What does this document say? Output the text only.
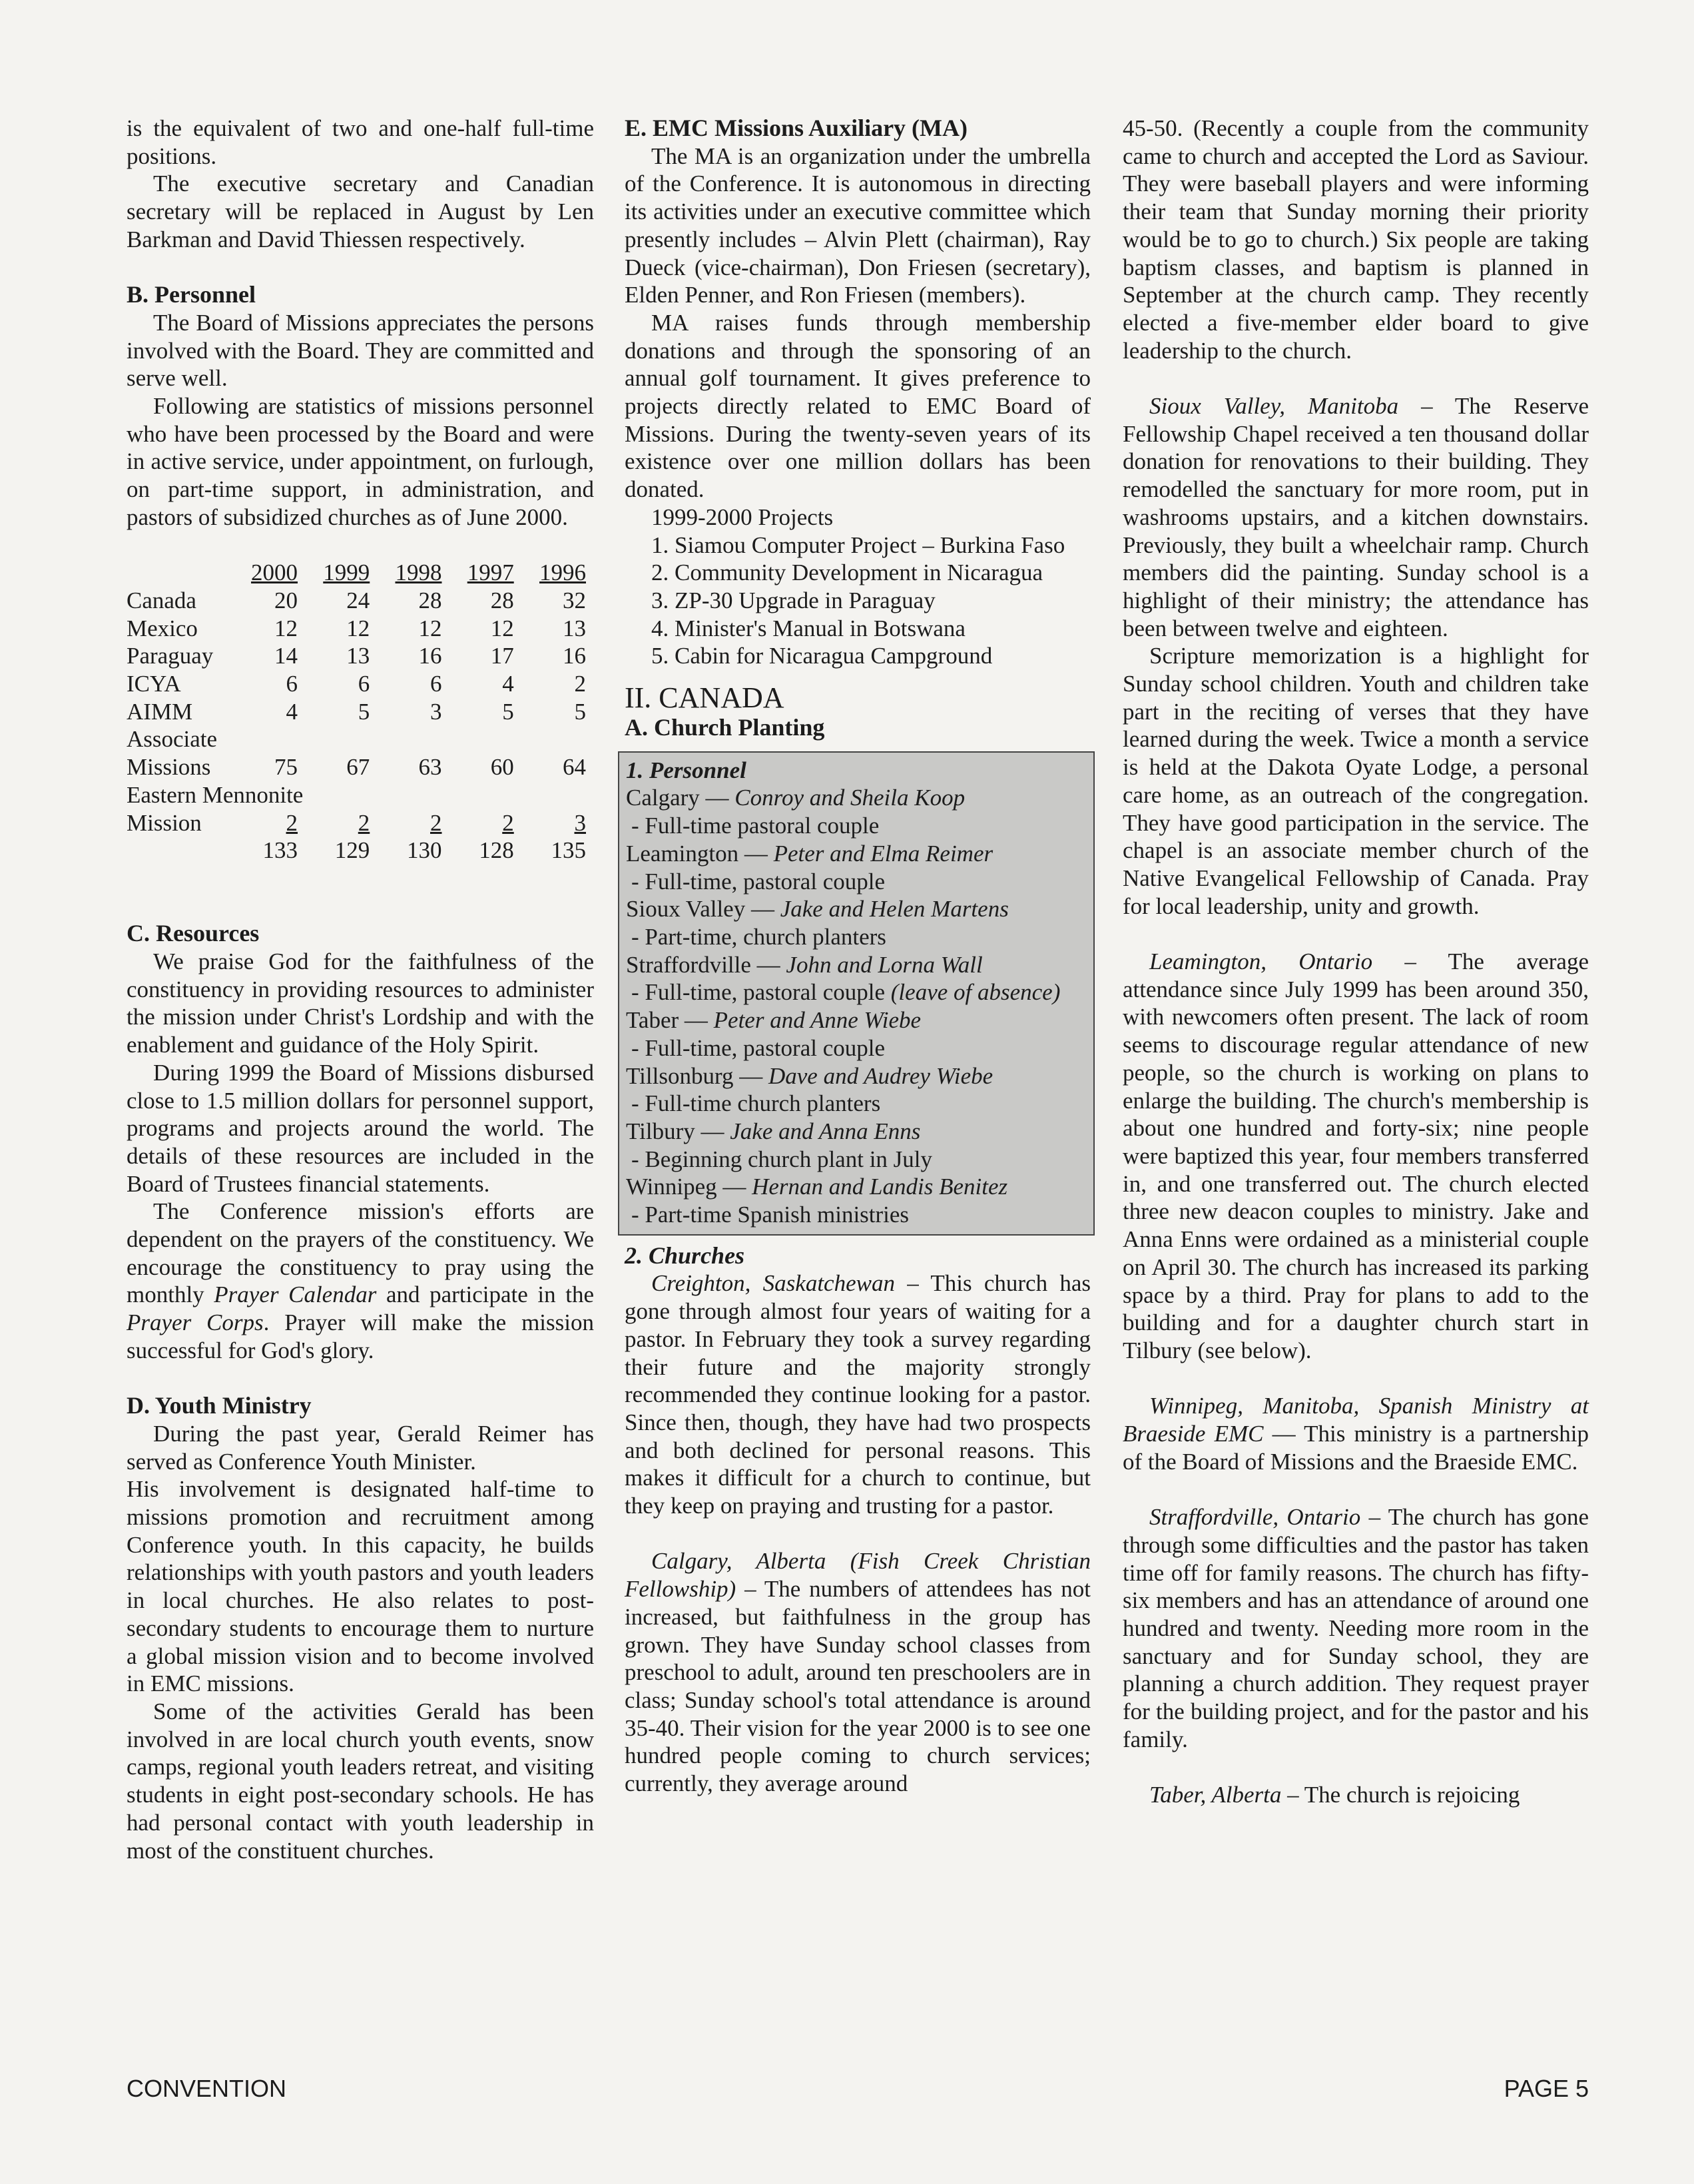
is the equivalent of two and one-half full-time positions.

The executive secretary and Canadian secretary will be replaced in August by Len Barkman and David Thiessen respectively.

B. Personnel

The Board of Missions appreciates the persons involved with the Board. They are committed and serve well.

Following are statistics of missions personnel who have been processed by the Board and were in active service, under appointment, on furlough, on part-time support, in administration, and pastors of subsidized churches as of June 2000.

	2000	1999	1998	1997	1996
Canada	20	24	28	28	32
Mexico	12	12	12	12	13
Paraguay	14	13	16	17	16
ICYA	6	6	6	4	2
AIMM	4	5	3	5	5
Associate					
Missions	75	67	63	60	64
Eastern Mennonite					
Mission	2	2	2	2	3
	133	129	130	128	135
C. Resources

We praise God for the faithfulness of the constituency in providing resources to administer the mission under Christ's Lordship and with the enablement and guidance of the Holy Spirit.

During 1999 the Board of Missions disbursed close to 1.5 million dollars for personnel support, programs and projects around the world. The details of these resources are included in the Board of Trustees financial statements.

The Conference mission's efforts are dependent on the prayers of the constituency. We encourage the constituency to pray using the monthly Prayer Calendar and participate in the Prayer Corps. Prayer will make the mission successful for God's glory.

D. Youth Ministry

During the past year, Gerald Reimer has served as Conference Youth Minister.

His involvement is designated half-time to missions promotion and recruitment among Conference youth. In this capacity, he builds relationships with youth pastors and youth leaders in local churches. He also relates to post-secondary students to encourage them to nurture a global mission vision and to become involved in EMC missions.

Some of the activities Gerald has been involved in are local church youth events, snow camps, regional youth leaders retreat, and visiting students in eight post-secondary schools. He has had personal contact with youth leadership in most of the constituent churches.

E. EMC Missions Auxiliary (MA)

The MA is an organization under the umbrella of the Conference. It is autonomous in directing its activities under an executive committee which presently includes – Alvin Plett (chairman), Ray Dueck (vice-chairman), Don Friesen (secretary), Elden Penner, and Ron Friesen (members).

MA raises funds through membership donations and through the sponsoring of an annual golf tournament. It gives preference to projects directly related to EMC Board of Missions. During the twenty-seven years of its existence over one million dollars has been donated.

1999-2000 Projects
1. Siamou Computer Project – Burkina Faso
2. Community Development in Nicaragua
3. ZP-30 Upgrade in Paraguay
4. Minister's Manual in Botswana
5. Cabin for Nicaragua Campground
II. CANADA
A. Church Planting
1. Personnel
Calgary — Conroy and Sheila Koop
- Full-time pastoral couple
Leamington — Peter and Elma Reimer
- Full-time, pastoral couple
Sioux Valley — Jake and Helen Martens
- Part-time, church planters
Straffordville — John and Lorna Wall
- Full-time, pastoral couple (leave of absence)
Taber — Peter and Anne Wiebe
- Full-time, pastoral couple
Tillsonburg — Dave and Audrey Wiebe
- Full-time church planters
Tilbury — Jake and Anna Enns
- Beginning church plant in July
Winnipeg — Hernan and Landis Benitez
- Part-time Spanish ministries
2. Churches

Creighton, Saskatchewan – This church has gone through almost four years of waiting for a pastor. In February they took a survey regarding their future and the majority strongly recommended they continue looking for a pastor. Since then, though, they have had two prospects and both declined for personal reasons. This makes it difficult for a church to continue, but they keep on praying and trusting for a pastor.

Calgary, Alberta (Fish Creek Christian Fellowship) – The numbers of attendees has not increased, but faithfulness in the group has grown. They have Sunday school classes from preschool to adult, around ten preschoolers are in class; Sunday school's total attendance is around 35-40. Their vision for the year 2000 is to see one hundred people coming to church services; currently, they average around

45-50. (Recently a couple from the community came to church and accepted the Lord as Saviour. They were baseball players and were informing their team that Sunday morning their priority would be to go to church.) Six people are taking baptism classes, and baptism is planned in September at the church camp. They recently elected a five-member elder board to give leadership to the church.

Sioux Valley, Manitoba – The Reserve Fellowship Chapel received a ten thousand dollar donation for renovations to their building. They remodelled the sanctuary for more room, put in washrooms upstairs, and a kitchen downstairs. Previously, they built a wheelchair ramp. Church members did the painting. Sunday school is a highlight of their ministry; the attendance has been between twelve and eighteen.

Scripture memorization is a highlight for Sunday school children. Youth and children take part in the reciting of verses that they have learned during the week. Twice a month a service is held at the Dakota Oyate Lodge, a personal care home, as an outreach of the congregation. They have good participation in the service. The chapel is an associate member church of the Native Evangelical Fellowship of Canada. Pray for local leadership, unity and growth.

Leamington, Ontario – The average attendance since July 1999 has been around 350, with newcomers often present. The lack of room seems to discourage regular attendance of new people, so the church is working on plans to enlarge the building. The church's membership is about one hundred and forty-six; nine people were baptized this year, four members transferred in, and one transferred out. The church elected three new deacon couples to ministry. Jake and Anna Enns were ordained as a ministerial couple on April 30. The church has increased its parking space by a third. Pray for plans to add to the building and for a daughter church start in Tilbury (see below).

Winnipeg, Manitoba, Spanish Ministry at Braeside EMC — This ministry is a partnership of the Board of Missions and the Braeside EMC.

Straffordville, Ontario – The church has gone through some difficulties and the pastor has taken time off for family reasons. The church has fifty-six members and has an attendance of around one hundred and twenty. Needing more room in the sanctuary and for Sunday school, they are planning a church addition. They request prayer for the building project, and for the pastor and his family.

Taber, Alberta – The church is rejoicing

CONVENTION	PAGE 5
